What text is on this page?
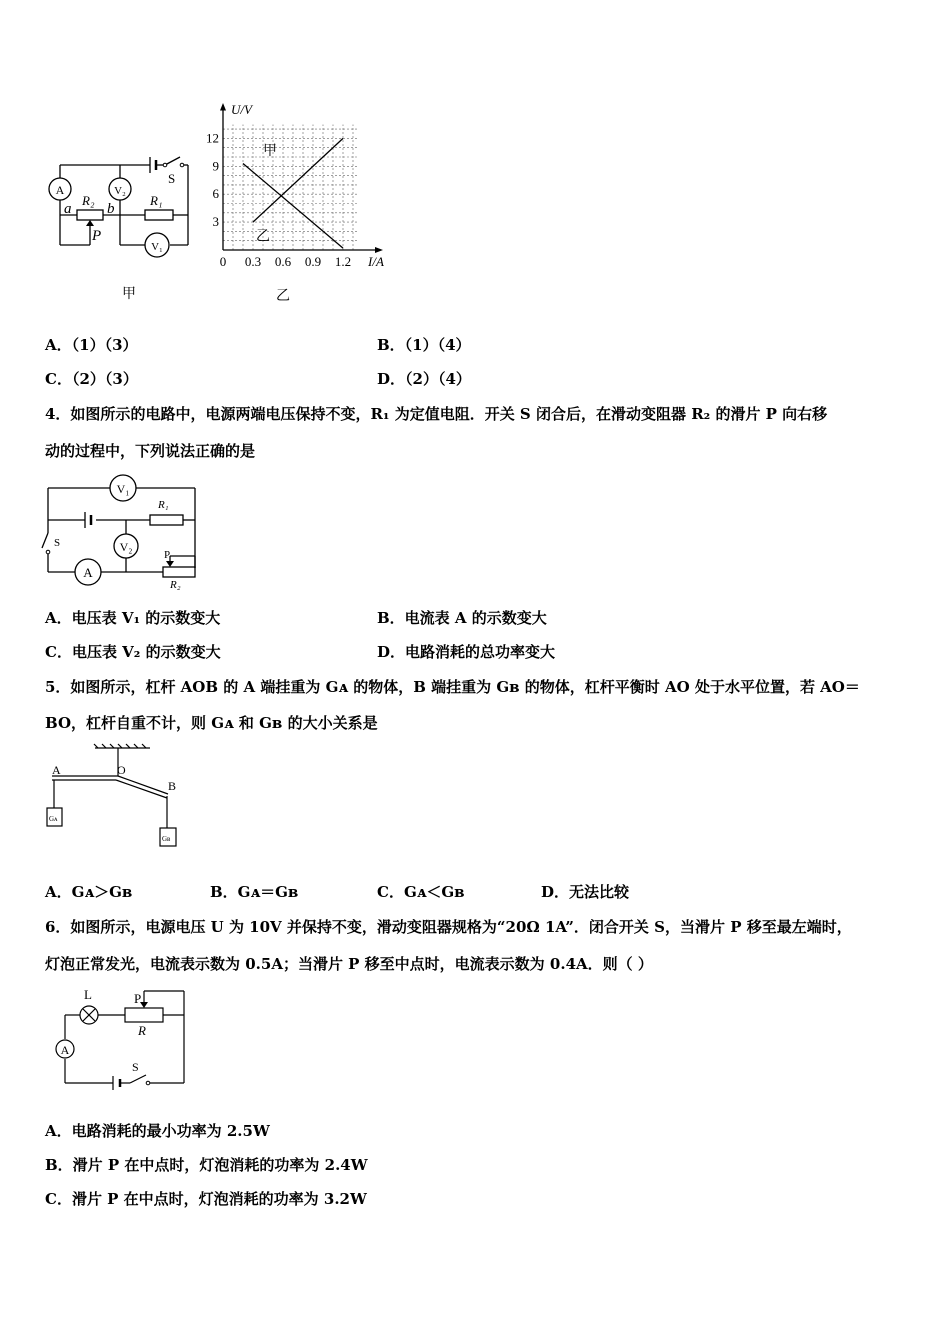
A	V₂
V₁
R₂	R₁
a b
P
S
0 0.3 0.6 0.9 1.2
3
6
9
12
I/A
U/V
甲
乙
甲	乙
A．（1）（3）	B．（1）（4）
C．（2）（3）	D．（2）（4）
4．如图所示的电路中，电源两端电压保持不变，R₁ 为定值电阻．开关 S 闭合后，在滑动变阻器 R₂ 的滑片 P 向右移
动的过程中，下列说法正确的是
V₁
V₂
A
R₁
R₂
P
S
A．电压表 V₁ 的示数变大	B．电流表 A 的示数变大
C．电压表 V₂ 的示数变大	D．电路消耗的总功率变大
5．如图所示，杠杆 AOB 的 A 端挂重为 Gᴀ 的物体，B 端挂重为 Gʙ 的物体，杠杆平衡时 AO 处于水平位置，若 AO＝
BO，杠杆自重不计，则 Gᴀ 和 Gʙ 的大小关系是
A	O
B
Gᴀ
Gʙ
A．Gᴀ＞Gʙ	B．Gᴀ＝Gʙ	C．Gᴀ＜Gʙ	D．无法比较
6．如图所示，电源电压 U 为 10V 并保持不变，滑动变阻器规格为“20Ω 1A”．闭合开关 S，当滑片 P 移至最左端时，
灯泡正常发光，电流表示数为 0.5A；当滑片 P 移至中点时，电流表示数为 0.4A．则（ ）
L	P
R
A
S
A．电路消耗的最小功率为 2.5W
B．滑片 P 在中点时，灯泡消耗的功率为 2.4W
C．滑片 P 在中点时，灯泡消耗的功率为 3.2W
